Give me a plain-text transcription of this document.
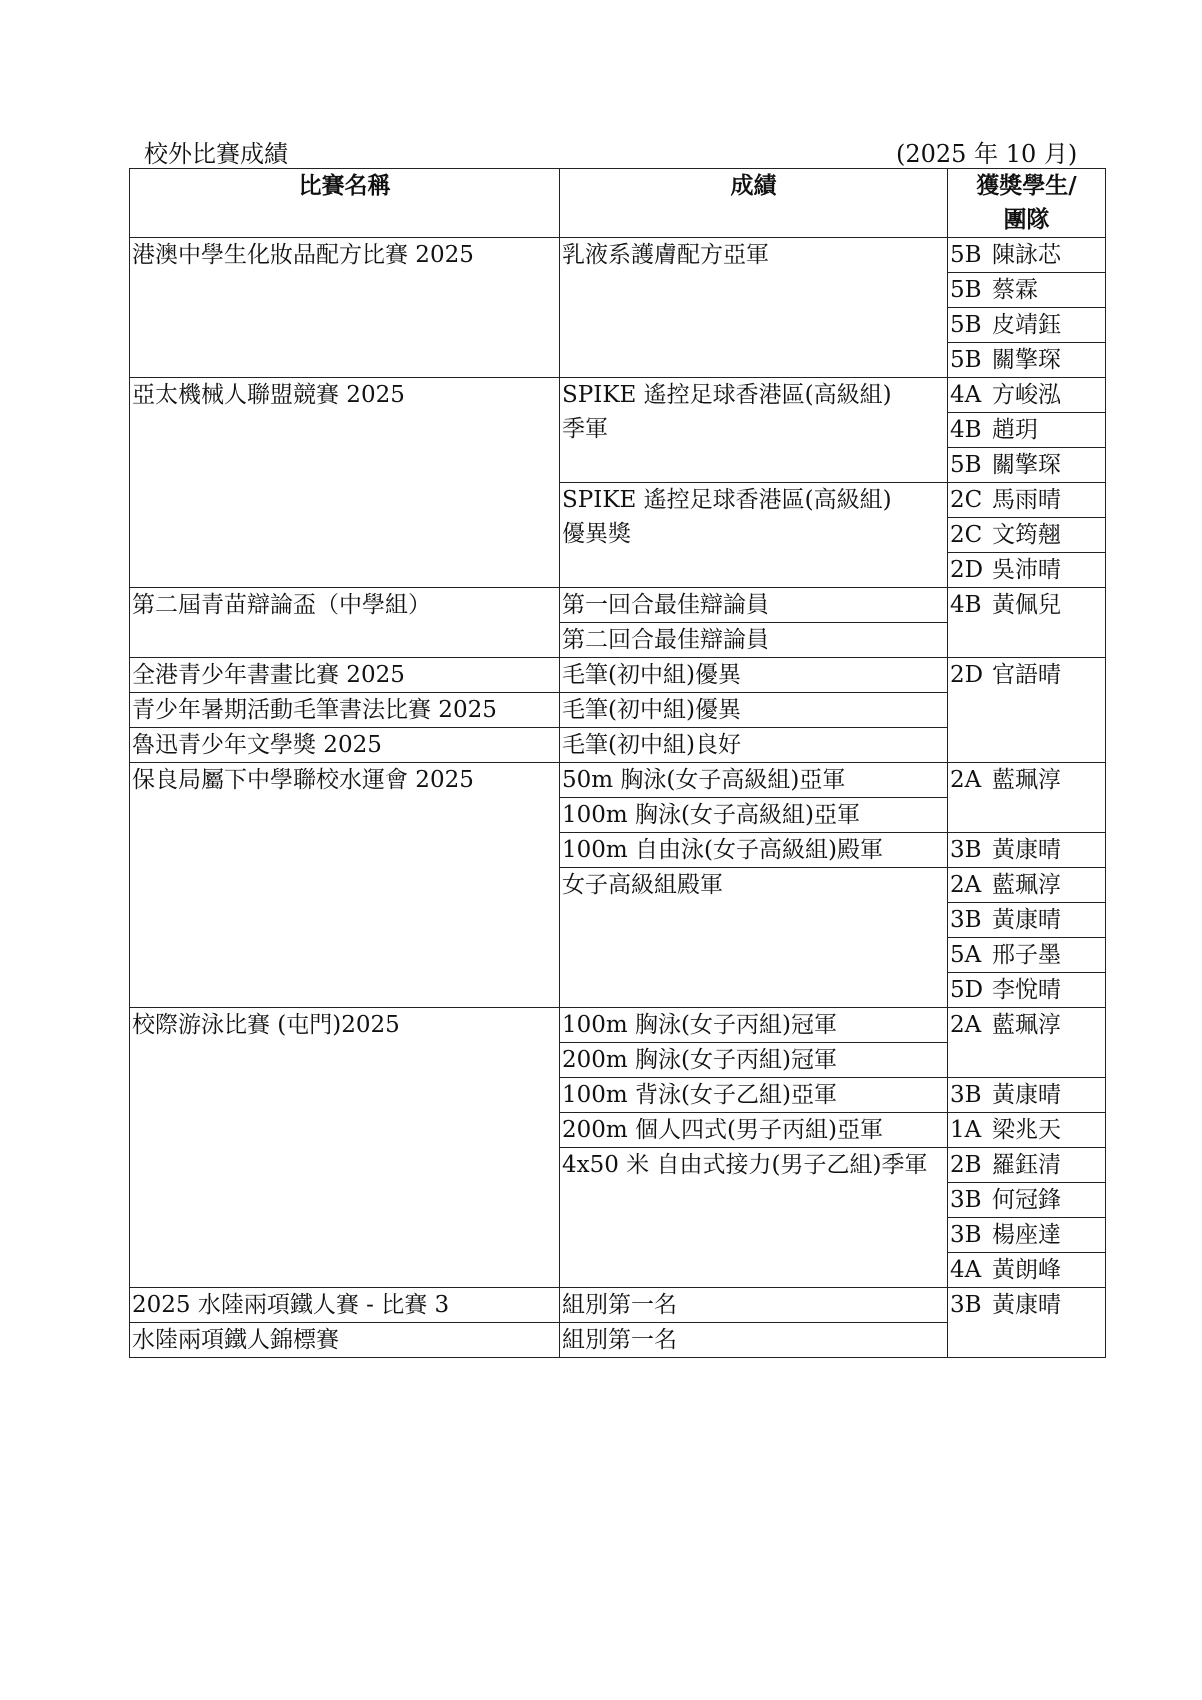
校外比賽成績	(2025 年 10 月)
比賽名稱	成績	獲獎學生/
團隊
港澳中學生化妝品配方比賽 2025	乳液系護膚配方亞軍	5B 陳詠芯
		5B 蔡霖
		5B 皮靖鈺
		5B 關擎琛
亞太機械人聯盟競賽 2025	SPIKE 遙控足球香港區(高級組)
季軍	4A 方峻泓
		4B 趙玥
		5B 關擎琛
	SPIKE 遙控足球香港區(高級組)
優異獎	2C 馬雨晴
		2C 文筠翹
		2D 吳沛晴
第二屆青苗辯論盃（中學組）	第一回合最佳辯論員	4B 黃佩兒
	第二回合最佳辯論員	
全港青少年書畫比賽 2025	毛筆(初中組)優異	2D 官語晴
青少年暑期活動毛筆書法比賽 2025	毛筆(初中組)優異	
魯迅青少年文學獎 2025	毛筆(初中組)良好	
保良局屬下中學聯校水運會 2025	50m 胸泳(女子高級組)亞軍	2A 藍珮淳
	100m 胸泳(女子高級組)亞軍	
	100m 自由泳(女子高級組)殿軍	3B 黃康晴
	女子高級組殿軍	2A 藍珮淳
		3B 黃康晴
		5A 邢子墨
		5D 李悅晴
校際游泳比賽 (屯門)2025	100m 胸泳(女子丙組)冠軍	2A 藍珮淳
	200m 胸泳(女子丙組)冠軍	
	100m 背泳(女子乙組)亞軍	3B 黃康晴
	200m 個人四式(男子丙組)亞軍	1A 梁兆天
	4x50 米 自由式接力(男子乙組)季軍	2B 羅鈺清
		3B 何冠鋒
		3B 楊座達
		4A 黃朗峰
2025 水陸兩項鐵人賽 - 比賽 3	組別第一名	3B 黃康晴
水陸兩項鐵人錦標賽	組別第一名	
